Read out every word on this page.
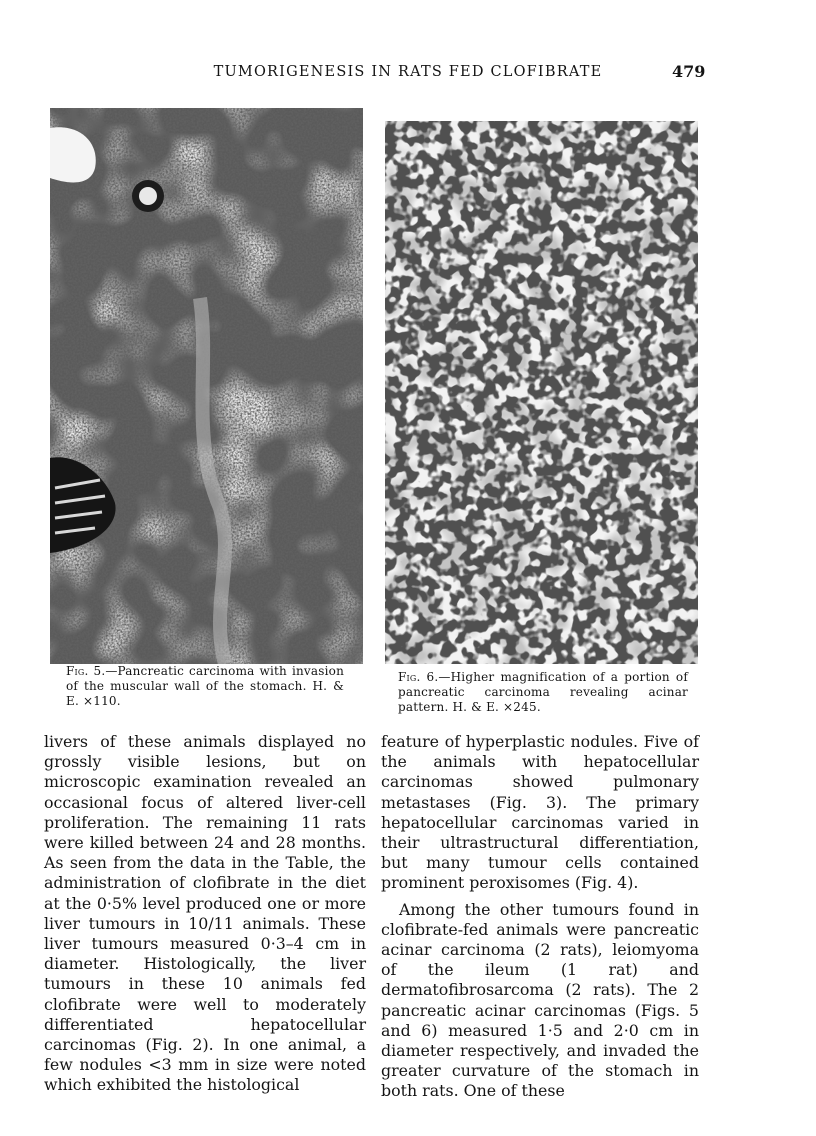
TUMORIGENESIS IN RATS FED CLOFIBRATE	479
Fig. 5.—Pancreatic carcinoma with invasion of the muscular wall of the stomach. H. & E. ×110.
Fig. 6.—Higher magnification of a portion of pancreatic carcinoma revealing acinar pattern. H. & E. ×245.

livers of these animals displayed no grossly visible lesions, but on microscopic examination revealed an occasional focus of altered liver-cell proliferation. The remaining 11 rats were killed between 24 and 28 months. As seen from the data in the Table, the administration of clofibrate in the diet at the 0·5% level produced one or more liver tumours in 10/11 animals. These liver tumours measured 0·3–4 cm in diameter. Histologically, the liver tumours in these 10 animals fed clofibrate were well to moderately differentiated hepatocellular carcinomas (Fig. 2). In one animal, a few nodules <3 mm in size were noted which exhibited the histological

feature of hyperplastic nodules. Five of the animals with hepatocellular carcinomas showed pulmonary metastases (Fig. 3). The primary hepatocellular carcinomas varied in their ultrastructural differentiation, but many tumour cells contained prominent peroxisomes (Fig. 4).

Among the other tumours found in clofibrate-fed animals were pancreatic acinar carcinoma (2 rats), leiomyoma of the ileum (1 rat) and dermatofibrosarcoma (2 rats). The 2 pancreatic acinar carcinomas (Figs. 5 and 6) measured 1·5 and 2·0 cm in diameter respectively, and invaded the greater curvature of the stomach in both rats. One of these
